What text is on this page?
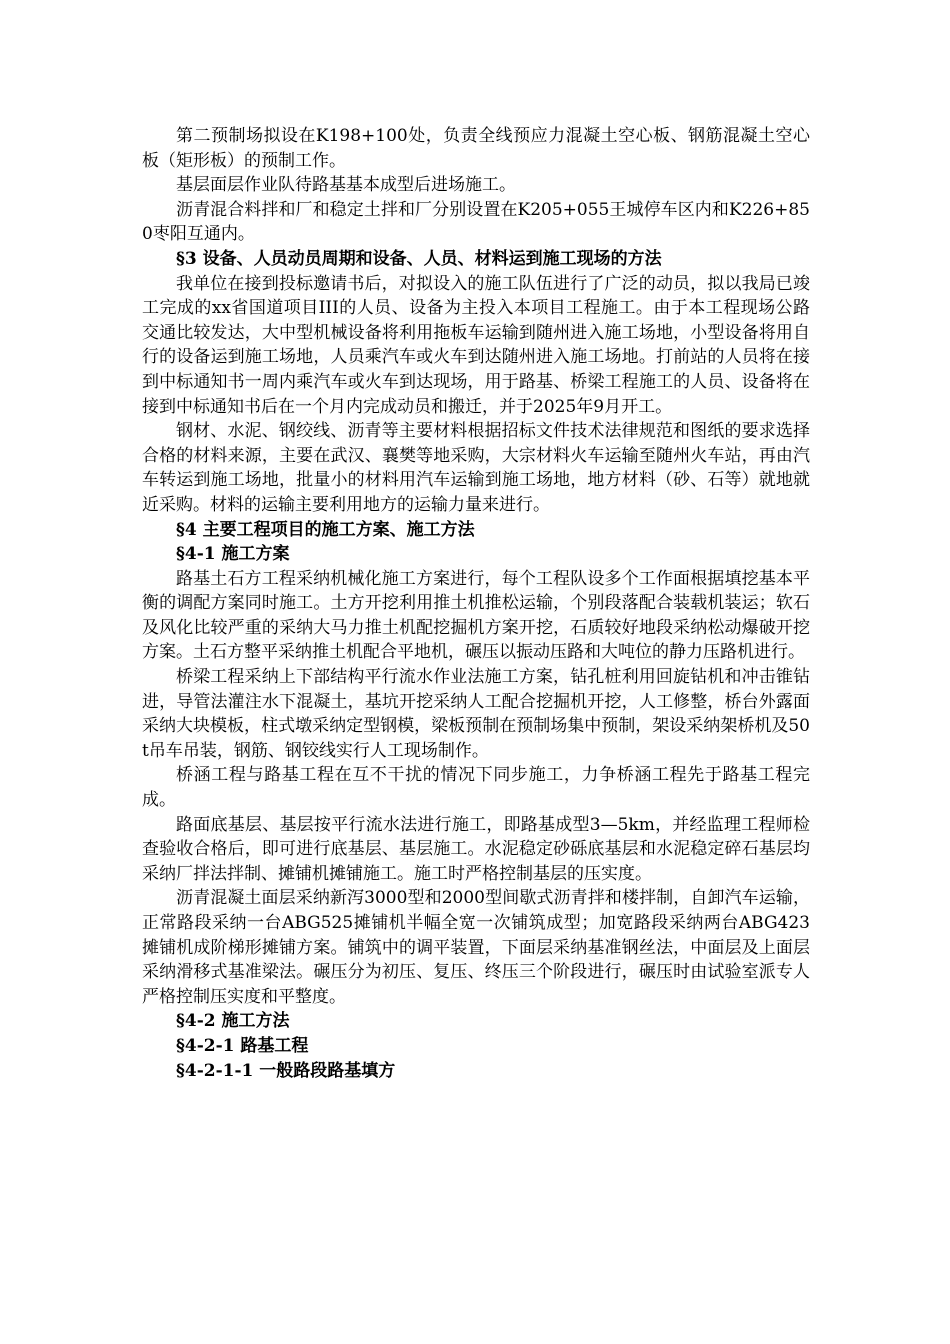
第二预制场拟设在K198+100处，负责全线预应力混凝土空心板、钢筋混凝土空心板（矩形板）的预制工作。

基层面层作业队待路基基本成型后进场施工。

沥青混合料拌和厂和稳定土拌和厂分别设置在K205+055王城停车区内和K226+850枣阳互通内。

§3 设备、人员动员周期和设备、人员、材料运到施工现场的方法

我单位在接到投标邀请书后，对拟设入的施工队伍进行了广泛的动员，拟以我局已竣工完成的xx省国道项目III的人员、设备为主投入本项目工程施工。由于本工程现场公路交通比较发达，大中型机械设备将利用拖板车运输到随州进入施工场地，小型设备将用自行的设备运到施工场地，人员乘汽车或火车到达随州进入施工场地。打前站的人员将在接到中标通知书一周内乘汽车或火车到达现场，用于路基、桥梁工程施工的人员、设备将在接到中标通知书后在一个月内完成动员和搬迁，并于2025年9月开工。

钢材、水泥、钢绞线、沥青等主要材料根据招标文件技术法律规范和图纸的要求选择合格的材料来源，主要在武汉、襄樊等地采购，大宗材料火车运输至随州火车站，再由汽车转运到施工场地，批量小的材料用汽车运输到施工场地，地方材料（砂、石等）就地就近采购。材料的运输主要利用地方的运输力量来进行。

§4 主要工程项目的施工方案、施工方法

§4-1 施工方案

路基土石方工程采纳机械化施工方案进行，每个工程队设多个工作面根据填挖基本平衡的调配方案同时施工。土方开挖利用推土机推松运输，个别段落配合装载机装运；软石及风化比较严重的采纳大马力推土机配挖掘机方案开挖，石质较好地段采纳松动爆破开挖方案。土石方整平采纳推土机配合平地机，碾压以振动压路和大吨位的静力压路机进行。

桥梁工程采纳上下部结构平行流水作业法施工方案，钻孔桩利用回旋钻机和冲击锥钻进，导管法灌注水下混凝土，基坑开挖采纳人工配合挖掘机开挖，人工修整，桥台外露面采纳大块模板，柱式墩采纳定型钢模，梁板预制在预制场集中预制，架设采纳架桥机及50t吊车吊装，钢筋、钢铰线实行人工现场制作。

桥涵工程与路基工程在互不干扰的情况下同步施工，力争桥涵工程先于路基工程完成。

路面底基层、基层按平行流水法进行施工，即路基成型3—5km，并经监理工程师检查验收合格后，即可进行底基层、基层施工。水泥稳定砂砾底基层和水泥稳定碎石基层均采纳厂拌法拌制、摊铺机摊铺施工。施工时严格控制基层的压实度。

沥青混凝土面层采纳新泻3000型和2000型间歇式沥青拌和楼拌制，自卸汽车运输，正常路段采纳一台ABG525摊铺机半幅全宽一次铺筑成型；加宽路段采纳两台ABG423摊铺机成阶梯形摊铺方案。铺筑中的调平装置，下面层采纳基准钢丝法，中面层及上面层采纳滑移式基准梁法。碾压分为初压、复压、终压三个阶段进行，碾压时由试验室派专人严格控制压实度和平整度。

§4-2 施工方法

§4-2-1 路基工程

§4-2-1-1 一般路段路基填方
